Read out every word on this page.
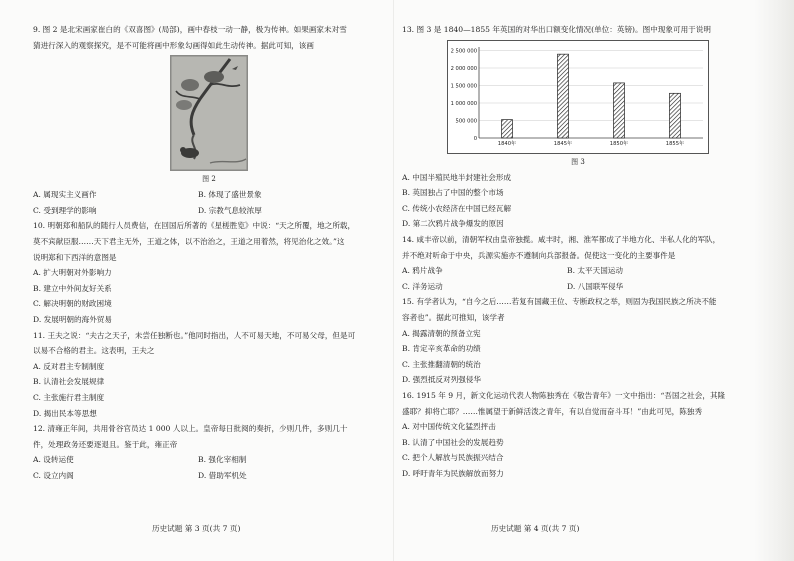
9. 图 2 是北宋画家崔白的《双喜图》(局部)，画中春枝一动一静，极为传神。如果画家未对雪

猜进行深入的观察探究，是不可能将画中形象勾画得如此生动传神。据此可知，该画

图 2
A. 属现实主义画作	B. 体现了盛世景象
C. 受到理学的影响	D. 宗教气息较浓厚

10. 明朝郑和船队的随行人员费信，在回国后所著的《星槎胜览》中说：“天之所覆，地之所载，

莫不宾献臣服……天下君主无外，王道之体，以不治治之，王道之用着然，将见治化之效。”这

说明郑和下西洋的意图是

A. 扩大明朝对外影响力
B. 建立中外间友好关系
C. 解决明朝的财政困境
D. 发展明朝的海外贸易

11. 王夫之说：“夫古之天子，未尝任独断也。”他同时指出，人不可易天地，不可易父母，但是可

以易不合格的君主。这表明，王夫之

A. 反对君主专制制度
B. 认清社会发展规律
C. 主张施行君主制度
D. 揭出民本等思想

12. 清雍正年间，共用骨谷官员达 1 000 人以上。皇帝每日批阅的奏折，少则几件，多则几十

件，处理政务还要逐退且。鉴于此，雍正帝

A. 设转运使	B. 强化宰相制
C. 设立内阁	D. 借助军机处
历史试题 第 3 页(共 7 页)

13. 图 3 是 1840—1855 年英国的对华出口额变化情况(单位：英镑)。图中现象可用于说明

0
500 000
1 000 000
1 500 000
2 000 000
2 500 000
1840年	1845年	1850年	1855年
图 3
A. 中国半殖民地半封建社会形成
B. 英国独占了中国的整个市场
C. 传统小农经济在中国已经瓦解
D. 第二次鸦片战争爆发的原因

14. 咸丰帝以前，清朝军权由皇帝独揽。咸丰时，湘、淮军都成了半地方化、半私人化的军队，

并不绝对听命于中央，兵源实施亦不遵制向兵部报备。促使这一变化的主要事件是

A. 鸦片战争	B. 太平天国运动
C. 洋务运动	D. 八国联军侵华

15. 有学者认为，“自今之后……若复有国藏王位、专断政权之举，则固为我国民族之所决不能

容者也”。据此可推知，该学者

A. 揭露清朝的预备立宪
B. 肯定辛亥革命的功绩
C. 主张推翻清朝的统治
D. 强烈抵反对列强侵华

16. 1915 年 9 月，新文化运动代表人物陈独秀在《敬告青年》一文中指出：“吾国之社会，其隆

盛耶？抑将亡耶？……惟属望于新鲜活泼之青年，有以自觉而奋斗耳！”由此可见，陈独秀

A. 对中国传统文化猛烈抨击
B. 认清了中国社会的发展趋势
C. 把个人解放与民族振兴结合
D. 呼吁青年为民族解放而努力
历史试题 第 4 页(共 7 页)
